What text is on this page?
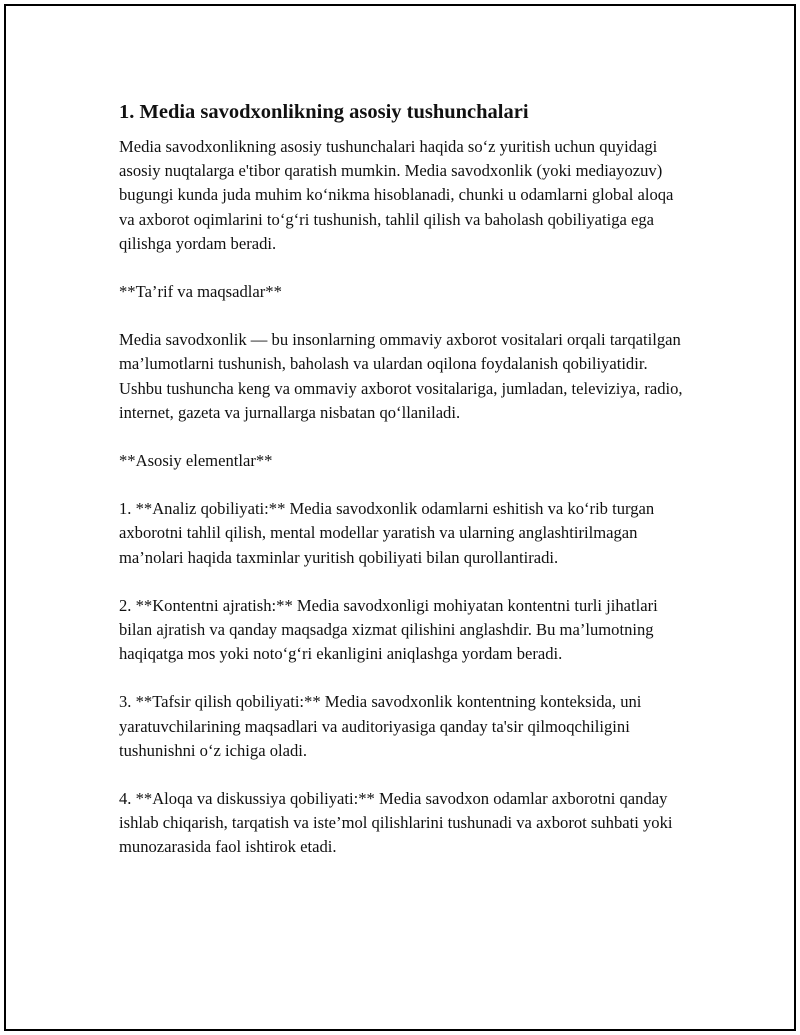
1. Media savodxonlikning asosiy tushunchalari

Media savodxonlikning asosiy tushunchalari haqida so‘z yuritish uchun quyidagi asosiy nuqtalarga e'tibor qaratish mumkin. Media savodxonlik (yoki mediayozuv) bugungi kunda juda muhim ko‘nikma hisoblanadi, chunki u odamlarni global aloqa va axborot oqimlarini to‘g‘ri tushunish, tahlil qilish va baholash qobiliyatiga ega qilishga yordam beradi.

**Ta’rif va maqsadlar**

Media savodxonlik — bu insonlarning ommaviy axborot vositalari orqali tarqatilgan ma’lumotlarni tushunish, baholash va ulardan oqilona foydalanish qobiliyatidir. Ushbu tushuncha keng va ommaviy axborot vositalariga, jumladan, televiziya, radio, internet, gazeta va jurnallarga nisbatan qo‘llaniladi.

**Asosiy elementlar**

1. **Analiz qobiliyati:** Media savodxonlik odamlarni eshitish va ko‘rib turgan axborotni tahlil qilish, mental modellar yaratish va ularning anglashtirilmagan ma’nolari haqida taxminlar yuritish qobiliyati bilan qurollantiradi.

2. **Kontentni ajratish:** Media savodxonligi mohiyatan kontentni turli jihatlari bilan ajratish va qanday maqsadga xizmat qilishini anglashdir. Bu ma’lumotning haqiqatga mos yoki noto‘g‘ri ekanligini aniqlashga yordam beradi.

3. **Tafsir qilish qobiliyati:** Media savodxonlik kontentning konteksida, uni yaratuvchilarining maqsadlari va auditoriyasiga qanday ta'sir qilmoqchiligini tushunishni o‘z ichiga oladi.

4. **Aloqa va diskussiya qobiliyati:** Media savodxon odamlar axborotni qanday ishlab chiqarish, tarqatish va iste’mol qilishlarini tushunadi va axborot suhbati yoki munozarasida faol ishtirok etadi.
